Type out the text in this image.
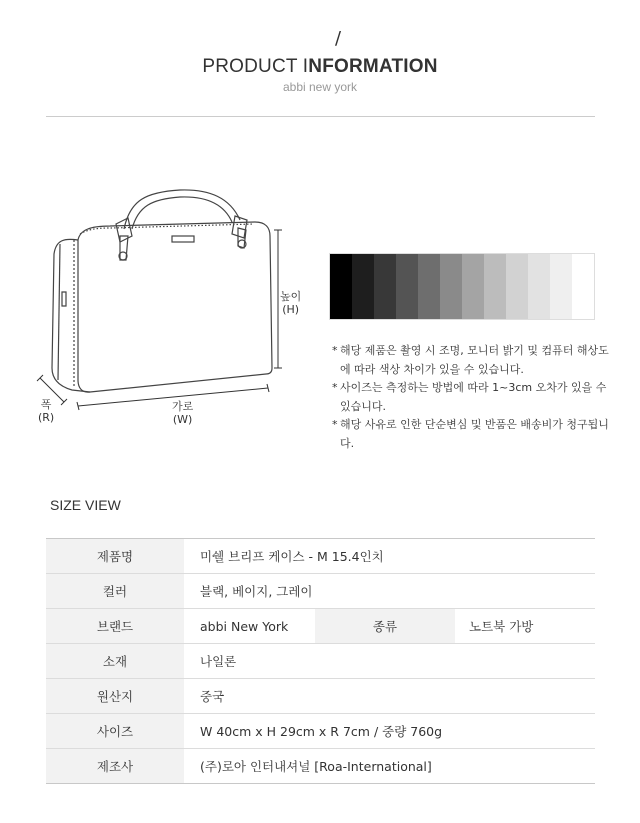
/
PRODUCT INFORMATION
abbi new york
높이
(H)
가로
(W)
폭
(R)
* 해당 제품은 촬영 시 조명, 모니터 밝기 및 컴퓨터 해상도에 따라 색상 차이가 있을 수 있습니다.
* 사이즈는 측정하는 방법에 따라 1~3cm 오차가 있을 수 있습니다.
* 해당 사유로 인한 단순변심 및 반품은 배송비가 청구됩니다.
SIZE VIEW
제품명	미쉘 브리프 케이스 - M 15.4인치		
컬러	블랙, 베이지, 그레이		
브랜드	abbi New York	종류	노트북 가방
소재	나일론		
원산지	중국		
사이즈	W 40cm x H 29cm x R 7cm / 중량 760g		
제조사	(주)로아 인터내셔널 [Roa-International]		
